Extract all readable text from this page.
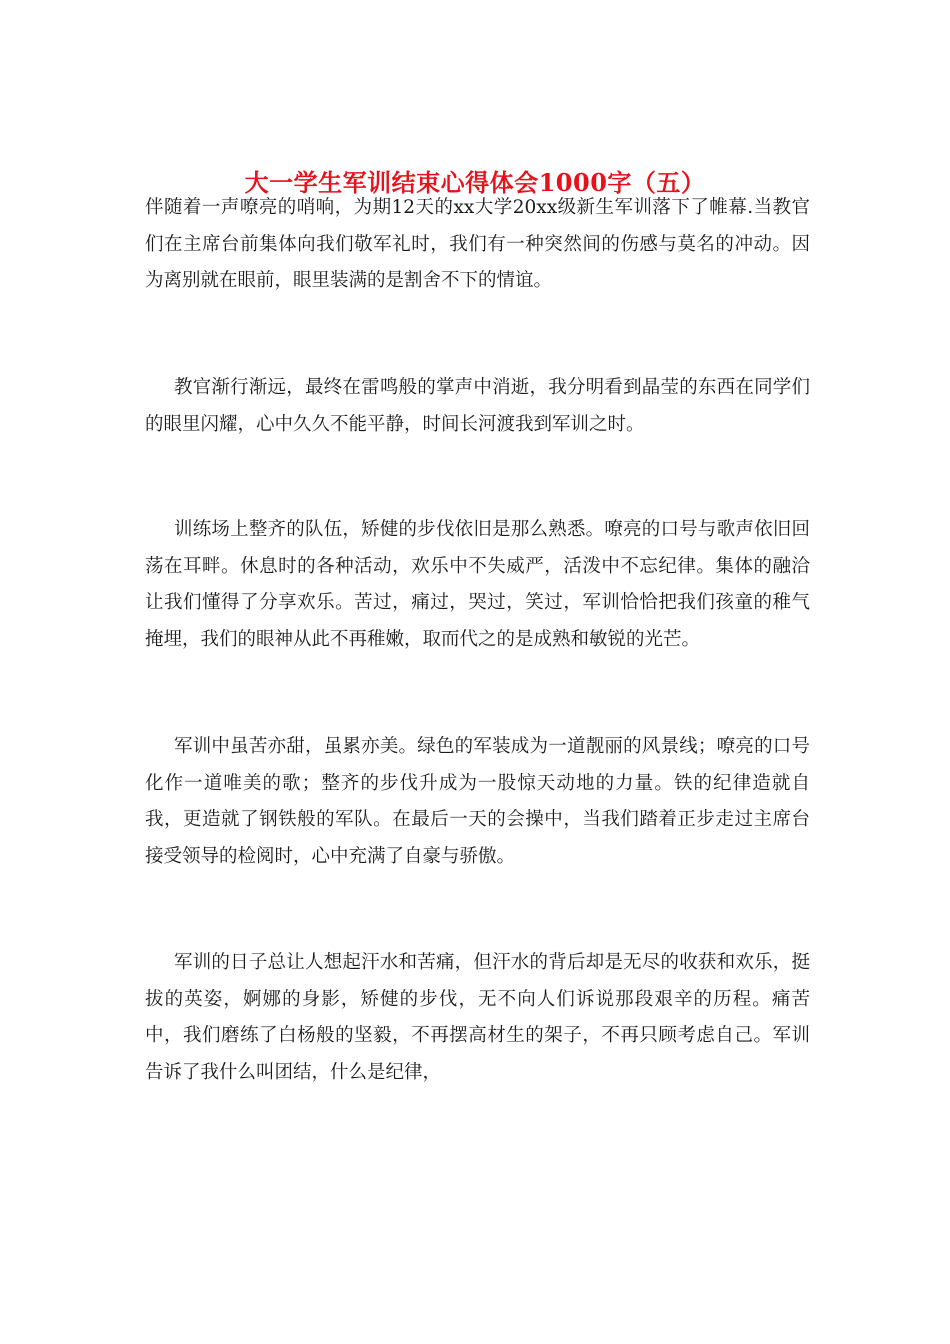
大一学生军训结束心得体会1000字（五）

伴随着一声嘹亮的哨响，为期12天的xx大学20xx级新生军训落下了帷幕.当教官们在主席台前集体向我们敬军礼时，我们有一种突然间的伤感与莫名的冲动。因为离别就在眼前，眼里装满的是割舍不下的情谊。

教官渐行渐远，最终在雷鸣般的掌声中消逝，我分明看到晶莹的东西在同学们的眼里闪耀，心中久久不能平静，时间长河渡我到军训之时。

训练场上整齐的队伍，矫健的步伐依旧是那么熟悉。嘹亮的口号与歌声依旧回荡在耳畔。休息时的各种活动，欢乐中不失威严，活泼中不忘纪律。集体的融洽让我们懂得了分享欢乐。苦过，痛过，哭过，笑过，军训恰恰把我们孩童的稚气掩埋，我们的眼神从此不再稚嫩，取而代之的是成熟和敏锐的光芒。

军训中虽苦亦甜，虽累亦美。绿色的军装成为一道靓丽的风景线；嘹亮的口号化作一道唯美的歌；整齐的步伐升成为一股惊天动地的力量。铁的纪律造就自我，更造就了钢铁般的军队。在最后一天的会操中，当我们踏着正步走过主席台接受领导的检阅时，心中充满了自豪与骄傲。

军训的日子总让人想起汗水和苦痛，但汗水的背后却是无尽的收获和欢乐，挺拔的英姿，婀娜的身影，矫健的步伐，无不向人们诉说那段艰辛的历程。痛苦中，我们磨练了白杨般的坚毅，不再摆高材生的架子，不再只顾考虑自己。军训告诉了我什么叫团结，什么是纪律，
